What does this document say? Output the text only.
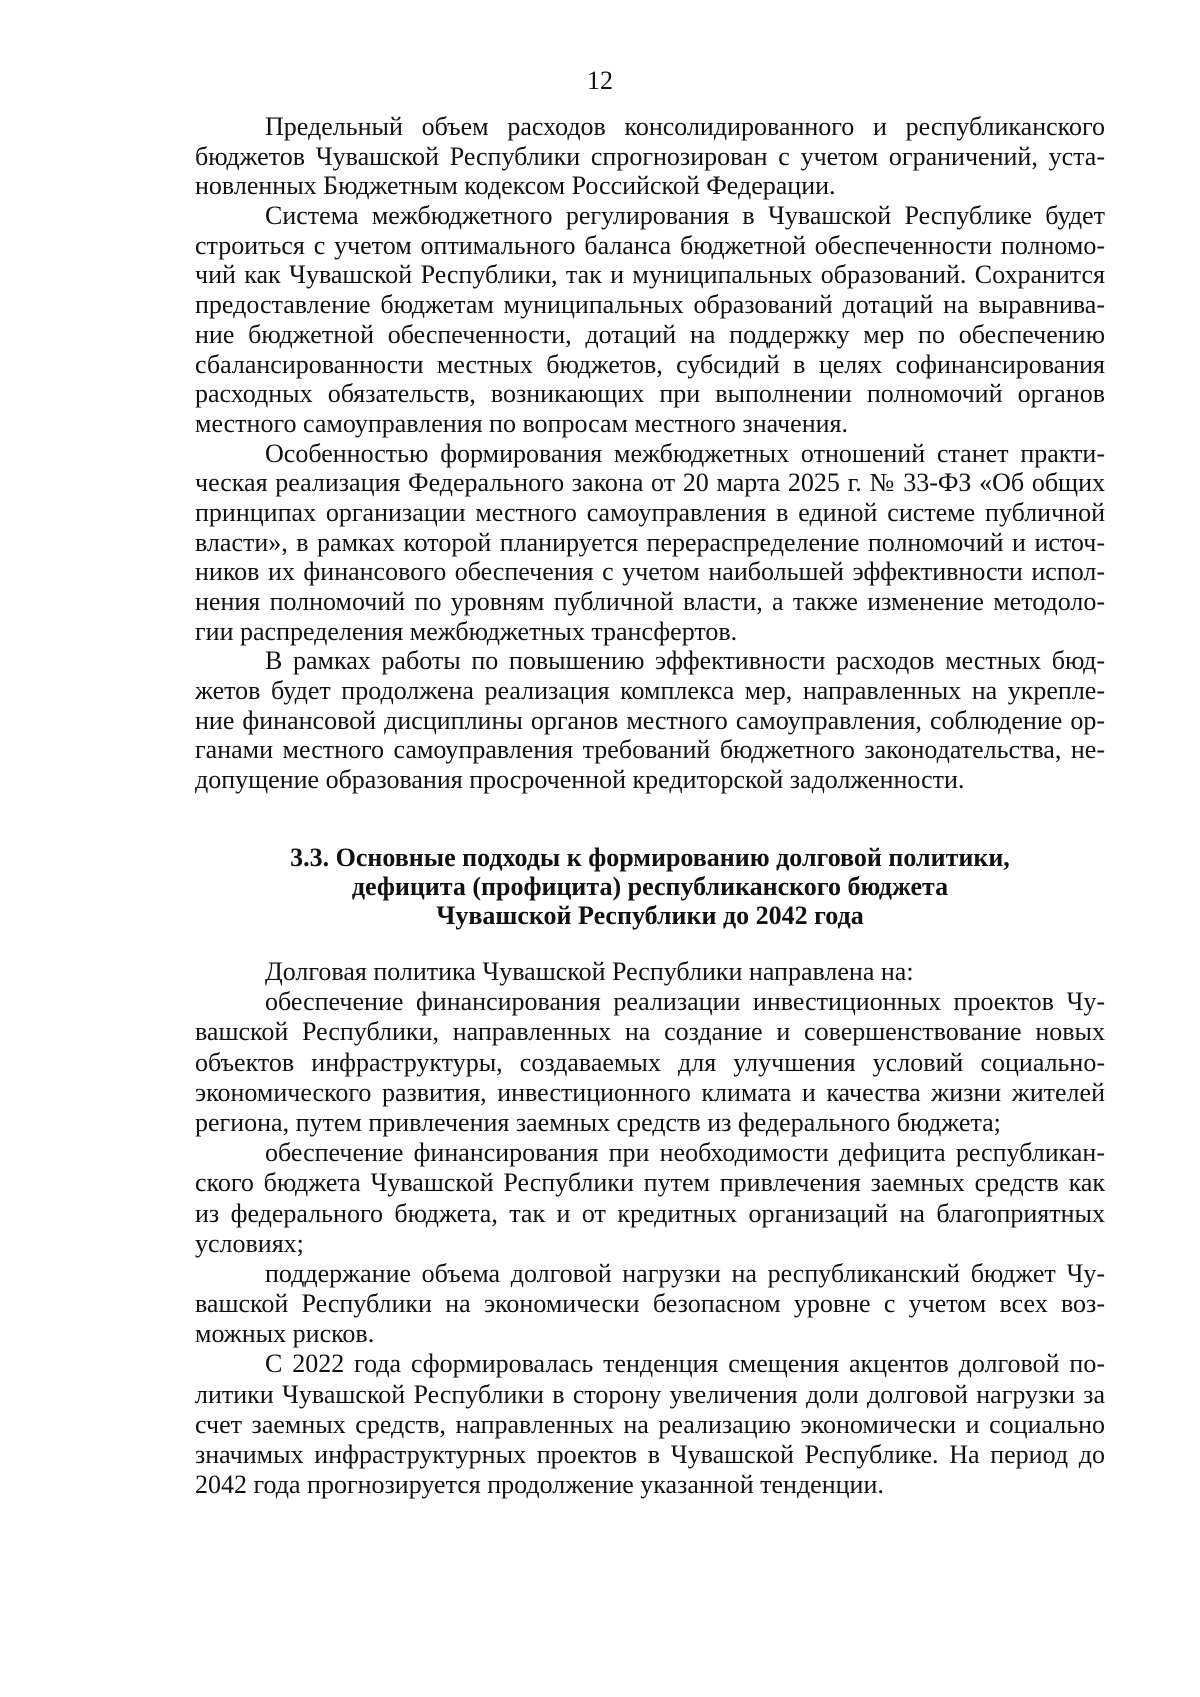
12
Предельный объем расходов консолидированного и республиканского
бюджетов Чувашской Республики спрогнозирован с учетом ограничений, уста-
новленных Бюджетным кодексом Российской Федерации.
Система межбюджетного регулирования в Чувашской Республике будет
строиться с учетом оптимального баланса бюджетной обеспеченности полномо-
чий как Чувашской Республики, так и муниципальных образований. Сохранится
предоставление бюджетам муниципальных образований дотаций на выравнива-
ние бюджетной обеспеченности, дотаций на поддержку мер по обеспечению
сбалансированности местных бюджетов, субсидий в целях софинансирования
расходных обязательств, возникающих при выполнении полномочий органов
местного самоуправления по вопросам местного значения.
Особенностью формирования межбюджетных отношений станет практи-
ческая реализация Федерального закона от 20 марта 2025 г. № 33-ФЗ «Об общих
принципах организации местного самоуправления в единой системе публичной
власти», в рамках которой планируется перераспределение полномочий и источ-
ников их финансового обеспечения с учетом наибольшей эффективности испол-
нения полномочий по уровням публичной власти, а также изменение методоло-
гии распределения межбюджетных трансфертов.
В рамках работы по повышению эффективности расходов местных бюд-
жетов будет продолжена реализация комплекса мер, направленных на укрепле-
ние финансовой дисциплины органов местного самоуправления, соблюдение ор-
ганами местного самоуправления требований бюджетного законодательства, не-
допущение образования просроченной кредиторской задолженности.
3.3. Основные подходы к формированию долговой политики,
дефицита (профицита) республиканского бюджета
Чувашской Республики до 2042 года
Долговая политика Чувашской Республики направлена на:
обеспечение финансирования реализации инвестиционных проектов Чу-
вашской Республики, направленных на создание и совершенствование новых
объектов инфраструктуры, создаваемых для улучшения условий социально-
экономического развития, инвестиционного климата и качества жизни жителей
региона, путем привлечения заемных средств из федерального бюджета;
обеспечение финансирования при необходимости дефицита республикан-
ского бюджета Чувашской Республики путем привлечения заемных средств как
из федерального бюджета, так и от кредитных организаций на благоприятных
условиях;
поддержание объема долговой нагрузки на республиканский бюджет Чу-
вашской Республики на экономически безопасном уровне с учетом всех воз-
можных рисков.
С 2022 года сформировалась тенденция смещения акцентов долговой по-
литики Чувашской Республики в сторону увеличения доли долговой нагрузки за
счет заемных средств, направленных на реализацию экономически и социально
значимых инфраструктурных проектов в Чувашской Республике. На период до
2042 года прогнозируется продолжение указанной тенденции.
